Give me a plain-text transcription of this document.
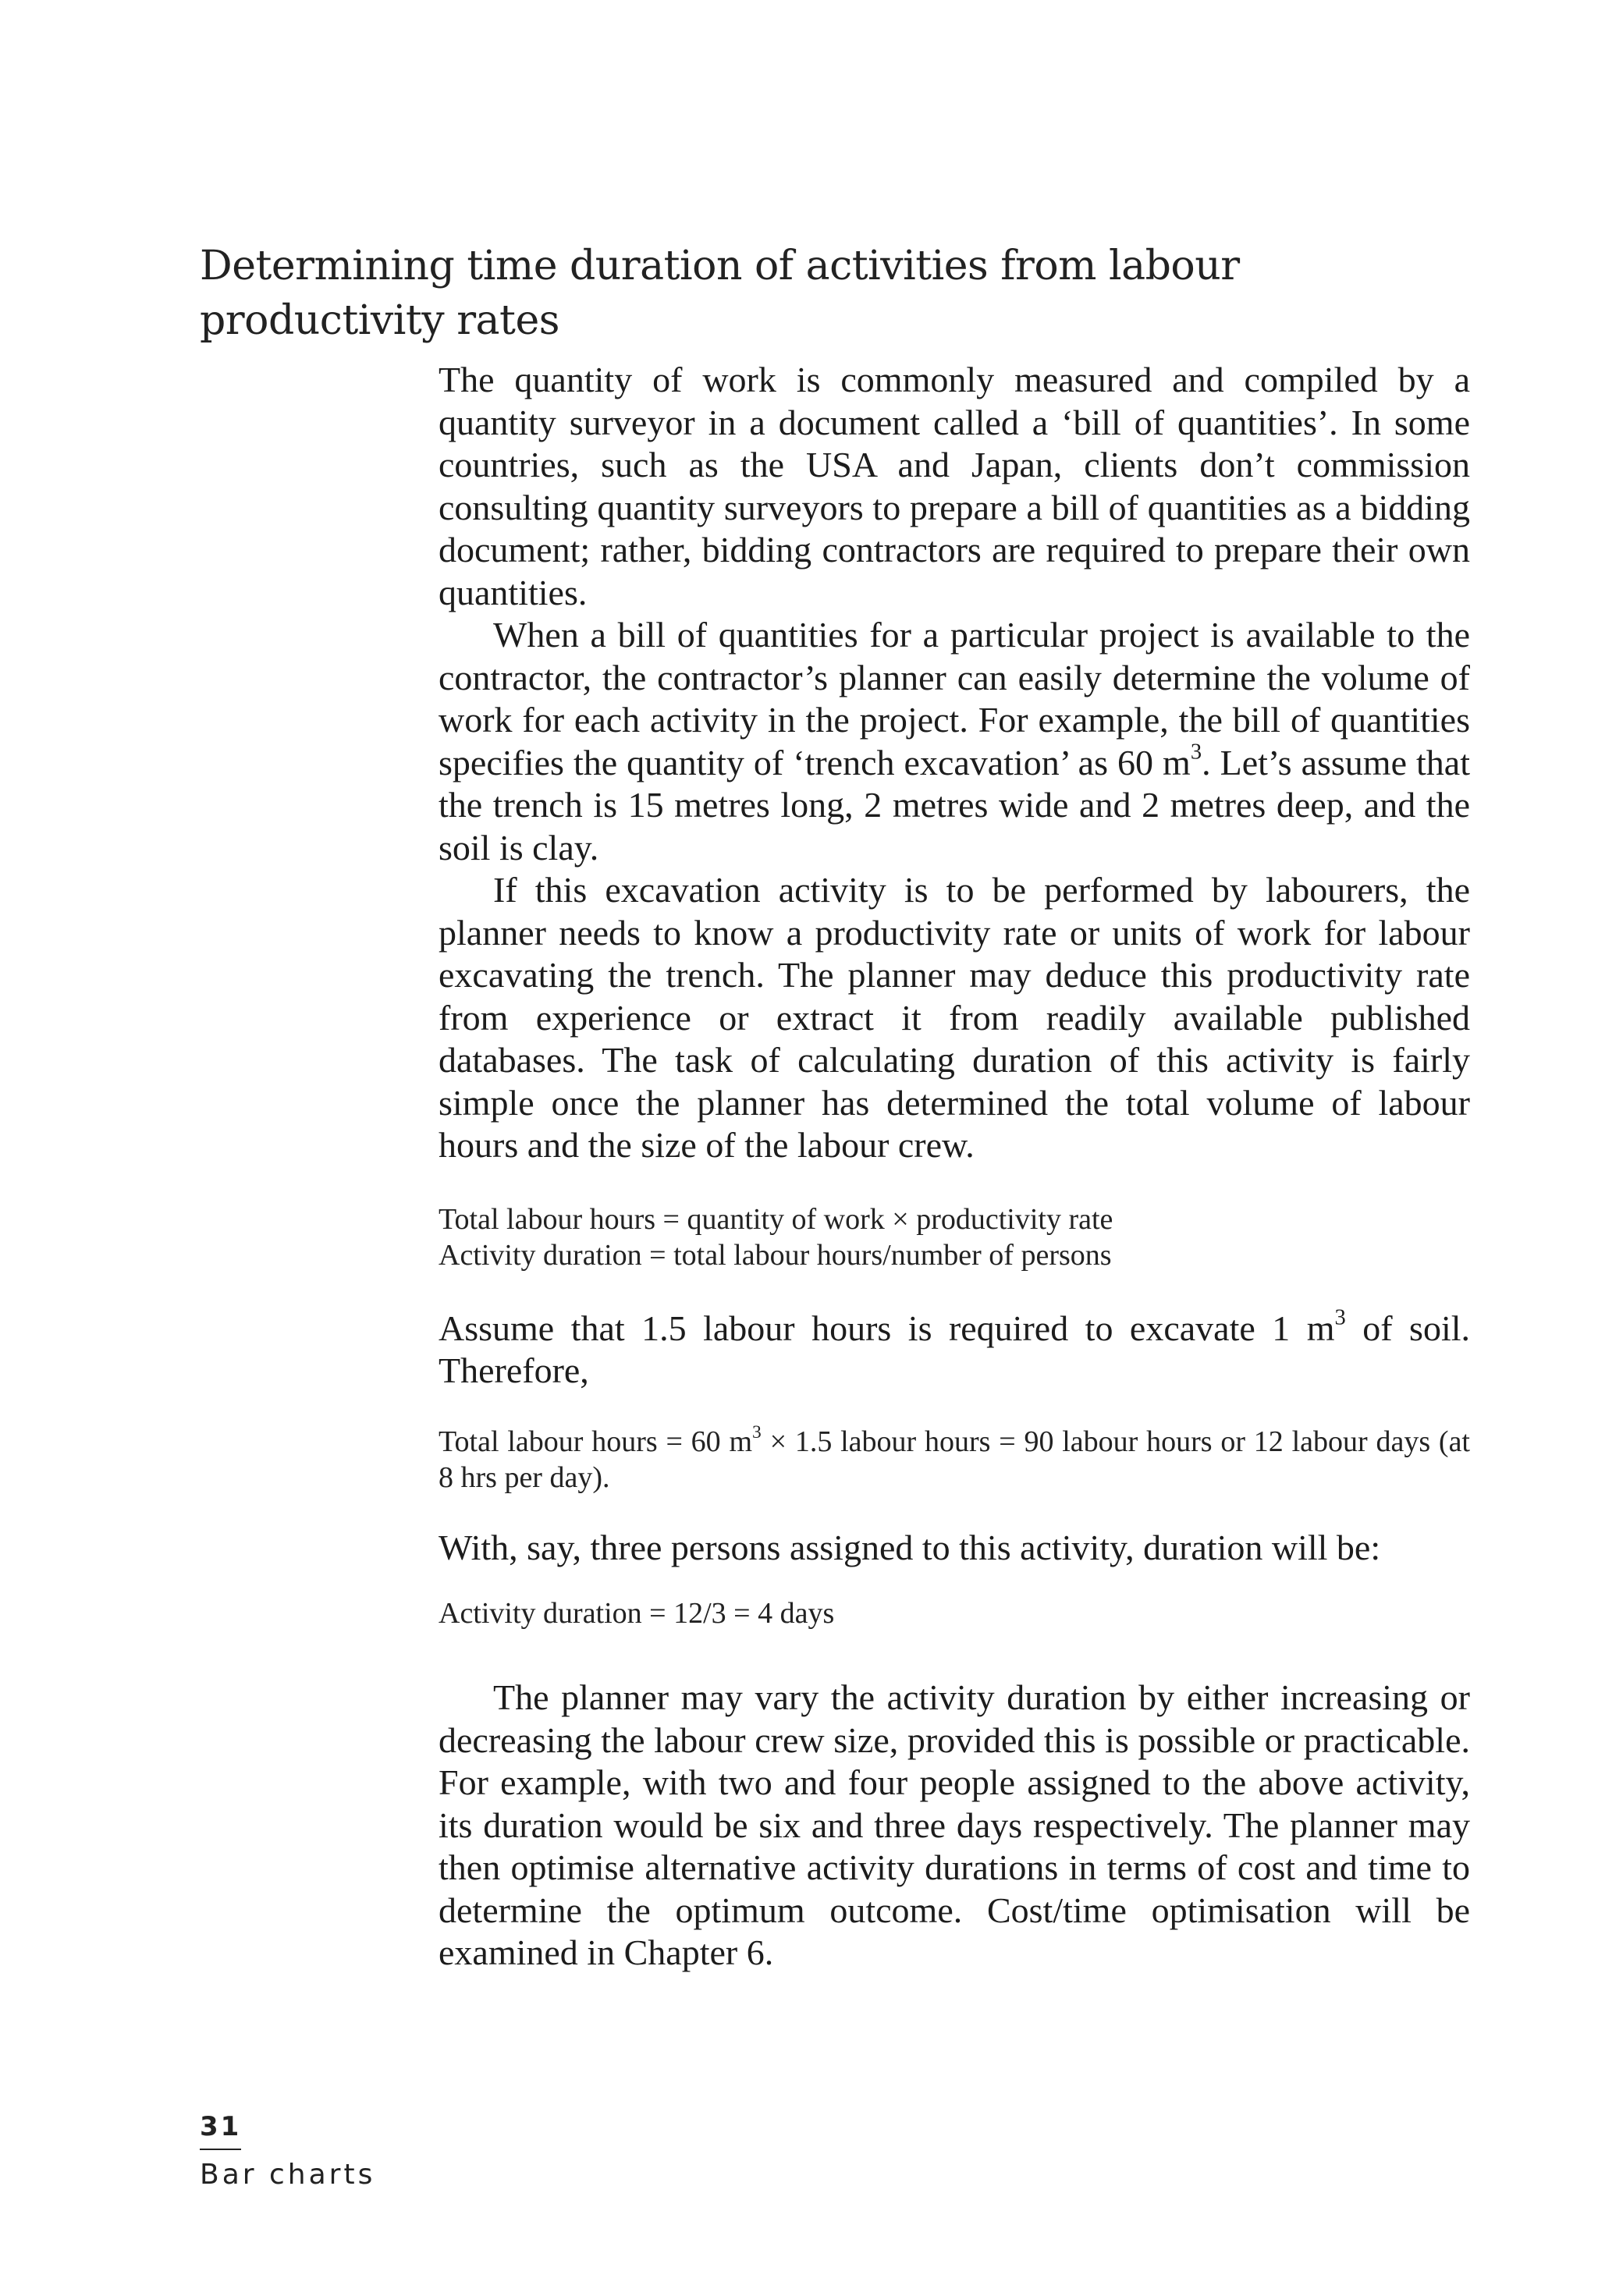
Determining time duration of activities from labour productivity rates

The quantity of work is commonly measured and compiled by a quantity surveyor in a document called a ‘bill of quantities’. In some countries, such as the USA and Japan, clients don’t commission consulting quantity surveyors to prepare a bill of quantities as a bidding document; rather, bidding contractors are required to prepare their own quantities.

When a bill of quantities for a particular project is available to the contractor, the contractor’s planner can easily determine the volume of work for each activity in the project. For example, the bill of quantities specifies the quantity of ‘trench excavation’ as 60 $m^3$. Let’s assume that the trench is 15 metres long, 2 metres wide and 2 metres deep, and the soil is clay.

If this excavation activity is to be performed by labourers, the planner needs to know a productivity rate or units of work for labour excavating the trench. The planner may deduce this productivity rate from experience or extract it from readily available published databases. The task of calculating duration of this activity is fairly simple once the planner has determined the total volume of labour hours and the size of the labour crew.

Total labour hours = quantity of work × productivity rate

Activity duration = total labour hours/number of persons

Assume that 1.5 labour hours is required to excavate 1 $m^3$ of soil. Therefore,

Total labour hours = 60 $m^3 \times 1.5$ labour hours = 90 labour hours or 12 labour days (at 8 hrs per day).

With, say, three persons assigned to this activity, duration will be:

Activity duration = 12/3 = 4 days

The planner may vary the activity duration by either increasing or decreasing the labour crew size, provided this is possible or practicable. For example, with two and four people assigned to the above activity, its duration would be six and three days respectively. The planner may then optimise alternative activity durations in terms of cost and time to determine the optimum outcome. Cost/time optimisation will be examined in Chapter 6.

31
Bar charts
